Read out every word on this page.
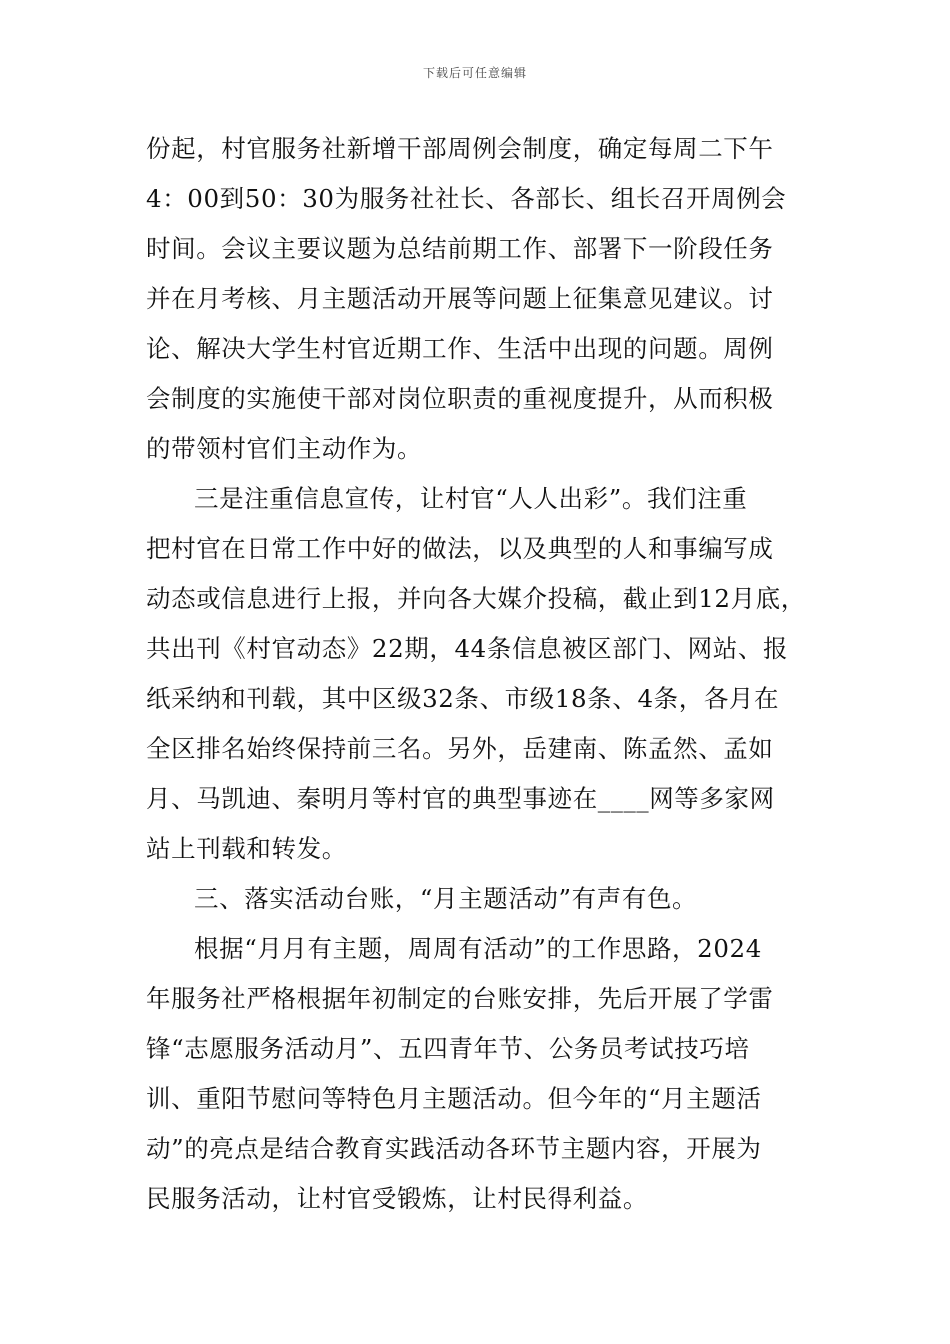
下载后可任意编辑
份起，村官服务社新增干部周例会制度，确定每周二下午
4：00到50：30为服务社社长、各部长、组长召开周例会
时间。会议主要议题为总结前期工作、部署下一阶段任务
并在月考核、月主题活动开展等问题上征集意见建议。讨
论、解决大学生村官近期工作、生活中出现的问题。周例
会制度的实施使干部对岗位职责的重视度提升，从而积极
的带领村官们主动作为。
三是注重信息宣传，让村官“人人出彩”。我们注重
把村官在日常工作中好的做法，以及典型的人和事编写成
动态或信息进行上报，并向各大媒介投稿，截止到12月底，
共出刊《村官动态》22期，44条信息被区部门、网站、报
纸采纳和刊载，其中区级32条、市级18条、4条，各月在
全区排名始终保持前三名。另外，岳建南、陈孟然、孟如
月、马凯迪、秦明月等村官的典型事迹在____网等多家网
站上刊载和转发。
三、落实活动台账，“月主题活动”有声有色。
根据“月月有主题，周周有活动”的工作思路，2024
年服务社严格根据年初制定的台账安排，先后开展了学雷
锋“志愿服务活动月”、五四青年节、公务员考试技巧培
训、重阳节慰问等特色月主题活动。但今年的“月主题活
动”的亮点是结合教育实践活动各环节主题内容，开展为
民服务活动，让村官受锻炼，让村民得利益。
